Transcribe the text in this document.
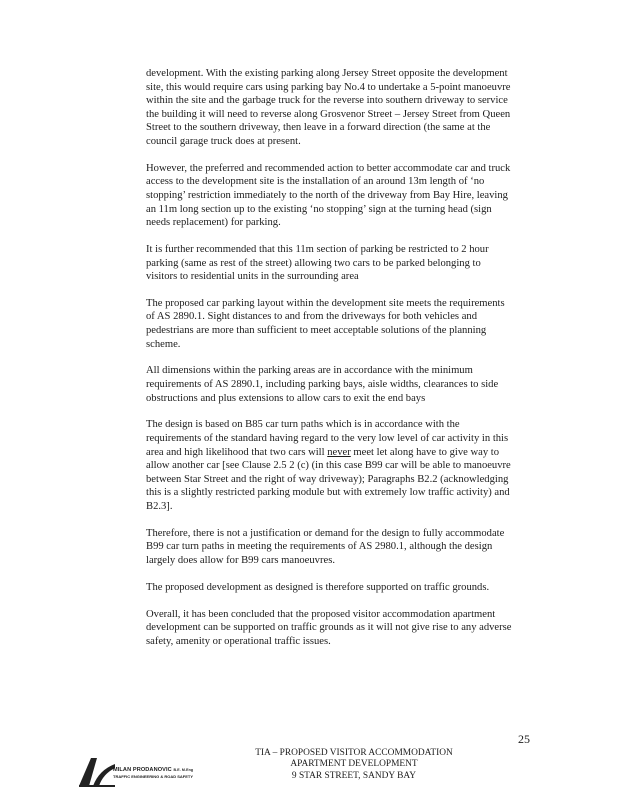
development. With the existing parking along Jersey Street opposite the development site, this would require cars using parking bay No.4 to undertake a 5-point manoeuvre within the site and the garbage truck for the reverse into southern driveway to service the building it will need to reverse along Grosvenor Street – Jersey Street from Queen Street to the southern driveway, then leave in a forward direction (the same at the council garage truck does at present.

However, the preferred and recommended action to better accommodate car and truck access to the development site is the installation of an around 13m length of ‘no stopping’ restriction immediately to the north of the driveway from Bay Hire, leaving an 11m long section up to the existing ‘no stopping’ sign at the turning head (sign needs replacement) for parking.

It is further recommended that this 11m section of parking be restricted to 2 hour parking (same as rest of the street) allowing two cars to be parked belonging to visitors to residential units in the surrounding area

The proposed car parking layout within the development site meets the requirements of AS 2890.1. Sight distances to and from the driveways for both vehicles and pedestrians are more than sufficient to meet acceptable solutions of the planning scheme.

All dimensions within the parking areas are in accordance with the minimum requirements of AS 2890.1, including parking bays, aisle widths, clearances to side obstructions and plus extensions to allow cars to exit the end bays

The design is based on B85 car turn paths which is in accordance with the requirements of the standard having regard to the very low level of car activity in this area and high likelihood that two cars will never meet let along have to give way to allow another car [see Clause 2.5 2 (c) (in this case B99 car will be able to manoeuvre between Star Street and the right of way driveway); Paragraphs B2.2 (acknowledging this is a slightly restricted parking module but with extremely low traffic activity) and B2.3].

Therefore, there is not a justification or demand for the design to fully accommodate B99 car turn paths in meeting the requirements of AS 2980.1, although the design largely does allow for B99 cars manoeuvres.

The proposed development as designed is therefore supported on traffic grounds.

Overall, it has been concluded that the proposed visitor accommodation apartment development can be supported on traffic grounds as it will not give rise to any adverse safety, amenity or operational traffic issues.

25
TIA – PROPOSED VISITOR ACCOMMODATION
APARTMENT DEVELOPMENT
9 STAR STREET, SANDY BAY
MILAN PRODANOVIC B.E. M.Eng
TRAFFIC ENGINEERING & ROAD SAFETY
